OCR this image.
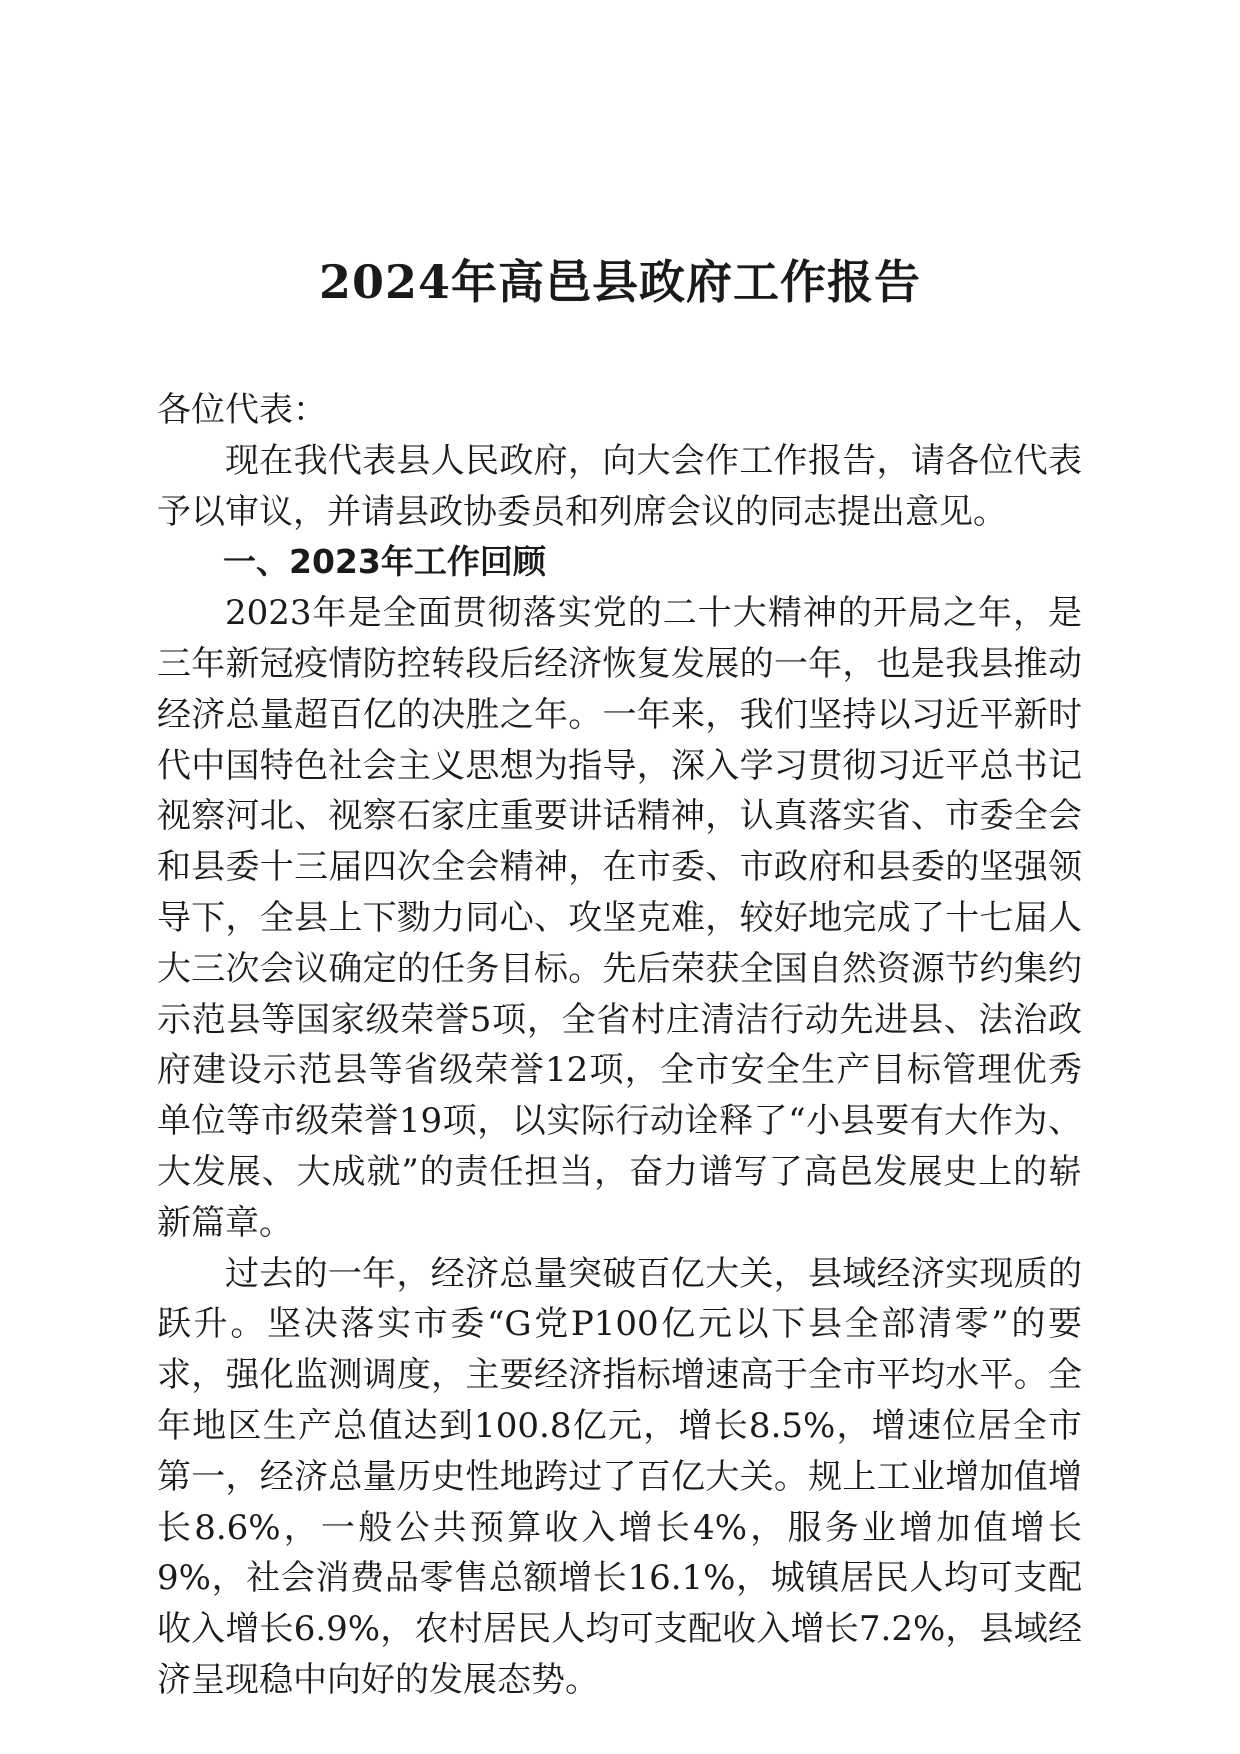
2024年高邑县政府工作报告

各位代表：

现在我代表县人民政府，向大会作工作报告，请各位代表予以审议，并请县政协委员和列席会议的同志提出意见。

一、2023年工作回顾

2023年是全面贯彻落实党的二十大精神的开局之年，是三年新冠疫情防控转段后经济恢复发展的一年，也是我县推动经济总量超百亿的决胜之年。一年来，我们坚持以习近平新时代中国特色社会主义思想为指导，深入学习贯彻习近平总书记视察河北、视察石家庄重要讲话精神，认真落实省、市委全会和县委十三届四次全会精神，在市委、市政府和县委的坚强领导下，全县上下勠力同心、攻坚克难，较好地完成了十七届人大三次会议确定的任务目标。先后荣获全国自然资源节约集约示范县等国家级荣誉5项，全省村庄清洁行动先进县、法治政府建设示范县等省级荣誉12项，全市安全生产目标管理优秀单位等市级荣誉19项，以实际行动诠释了“小县要有大作为、大发展、大成就”的责任担当，奋力谱写了高邑发展史上的崭新篇章。

过去的一年，经济总量突破百亿大关，县域经济实现质的跃升。坚决落实市委“G党P100亿元以下县全部清零”的要求，强化监测调度，主要经济指标增速高于全市平均水平。全年地区生产总值达到100.8亿元，增长8.5%，增速位居全市第一，经济总量历史性地跨过了百亿大关。规上工业增加值增长8.6%，一般公共预算收入增长4%，服务业增加值增长9%，社会消费品零售总额增长16.1%，城镇居民人均可支配收入增长6.9%，农村居民人均可支配收入增长7.2%，县域经济呈现稳中向好的发展态势。
